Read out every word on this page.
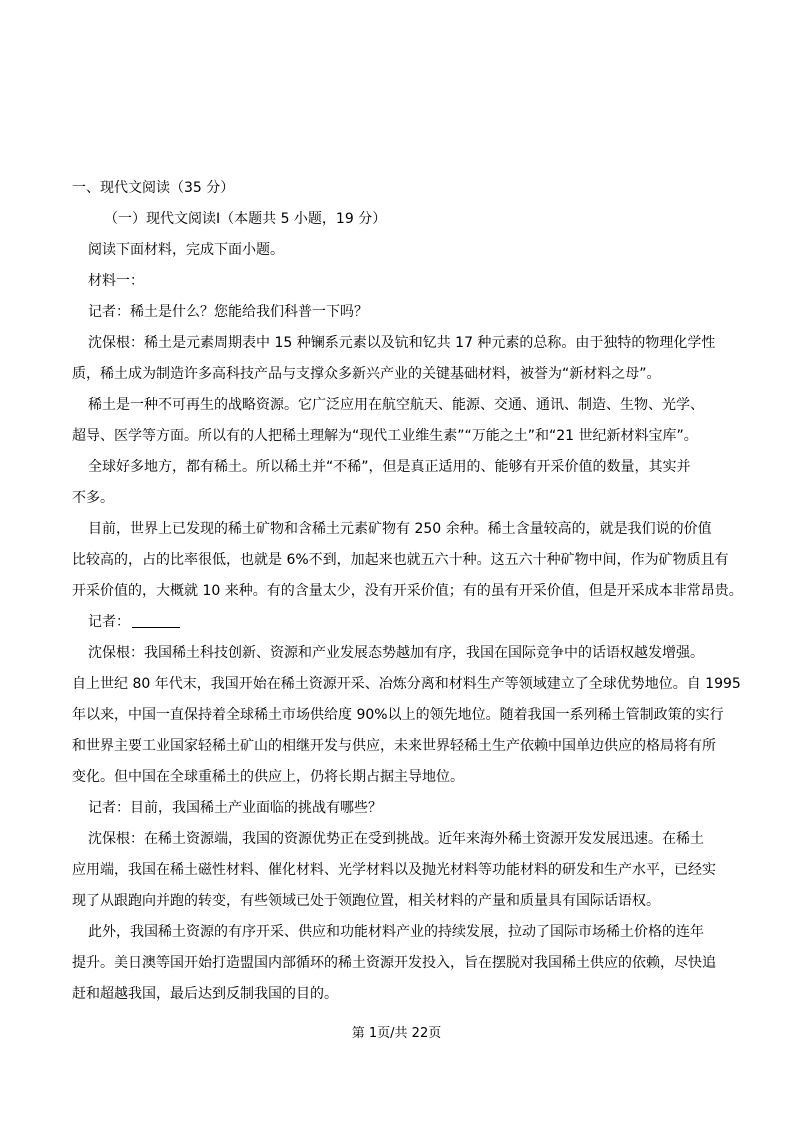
一、现代文阅读（35 分）
（一）现代文阅读Ⅰ（本题共 5 小题，19 分）
阅读下面材料，完成下面小题。
材料一：
记者：稀土是什么？您能给我们科普一下吗？
沈保根：稀土是元素周期表中 15 种镧系元素以及钪和钇共 17 种元素的总称。由于独特的物理化学性
质，稀土成为制造许多高科技产品与支撑众多新兴产业的关键基础材料，被誉为“新材料之母”。
稀土是一种不可再生的战略资源。它广泛应用在航空航天、能源、交通、通讯、制造、生物、光学、
超导、医学等方面。所以有的人把稀土理解为“现代工业维生素”“万能之土”和“21 世纪新材料宝库”。
全球好多地方，都有稀土。所以稀土并“不稀”，但是真正适用的、能够有开采价值的数量，其实并
不多。
目前，世界上已发现的稀土矿物和含稀土元素矿物有 250 余种。稀土含量较高的，就是我们说的价值
比较高的，占的比率很低，也就是 6%不到，加起来也就五六十种。这五六十种矿物中间，作为矿物质且有
开采价值的，大概就 10 来种。有的含量太少，没有开采价值；有的虽有开采价值，但是开采成本非常昂贵。
记者：
沈保根：我国稀土科技创新、资源和产业发展态势越加有序，我国在国际竞争中的话语权越发增强。
自上世纪 80 年代末，我国开始在稀土资源开采、冶炼分离和材料生产等领域建立了全球优势地位。自 1995
年以来，中国一直保持着全球稀土市场供给度 90%以上的领先地位。随着我国一系列稀土管制政策的实行
和世界主要工业国家轻稀土矿山的相继开发与供应，未来世界轻稀土生产依赖中国单边供应的格局将有所
变化。但中国在全球重稀土的供应上，仍将长期占据主导地位。
记者：目前，我国稀土产业面临的挑战有哪些？
沈保根：在稀土资源端，我国的资源优势正在受到挑战。近年来海外稀土资源开发发展迅速。在稀土
应用端，我国在稀土磁性材料、催化材料、光学材料以及抛光材料等功能材料的研发和生产水平，已经实
现了从跟跑向并跑的转变，有些领域已处于领跑位置，相关材料的产量和质量具有国际话语权。
此外，我国稀土资源的有序开采、供应和功能材料产业的持续发展，拉动了国际市场稀土价格的连年
提升。美日澳等国开始打造盟国内部循环的稀土资源开发投入，旨在摆脱对我国稀土供应的依赖，尽快追
赶和超越我国，最后达到反制我国的目的。
第 1页/共 22页
